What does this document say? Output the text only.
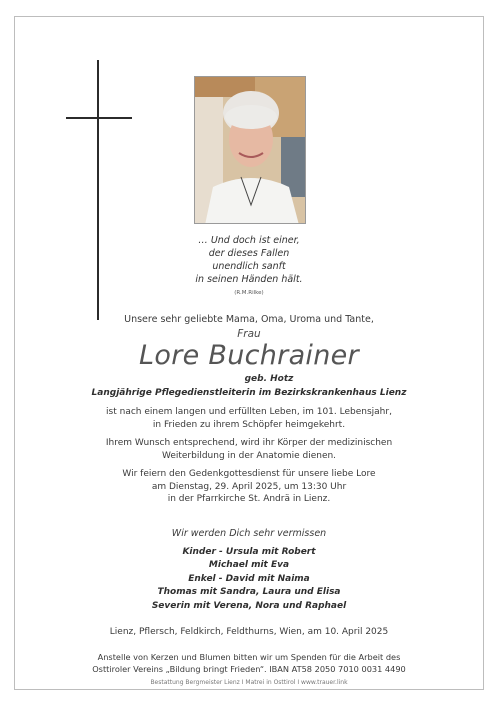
… Und doch ist einer,
der dieses Fallen
unendlich sanft
in seinen Händen hält.
(R.M.Rilke)
Unsere sehr geliebte Mama, Oma, Uroma und Tante,
Frau
Lore Buchrainer
geb. Hotz
Langjährige Pflegedienstleiterin im Bezirkskrankenhaus Lienz
ist nach einem langen und erfüllten Leben, im 101. Lebensjahr,
in Frieden zu ihrem Schöpfer heimgekehrt.
Ihrem Wunsch entsprechend, wird ihr Körper der medizinischen
Weiterbildung in der Anatomie dienen.
Wir feiern den Gedenkgottesdienst für unsere liebe Lore
am Dienstag, 29. April 2025, um 13:30 Uhr
in der Pfarrkirche St. Andrä in Lienz.
Wir werden Dich sehr vermissen
Kinder - Ursula mit Robert
Michael mit Eva
Enkel - David mit Naima
Thomas mit Sandra, Laura und Elisa
Severin mit Verena, Nora und Raphael
Lienz, Pflersch, Feldkirch, Feldthurns, Wien, am 10. April 2025
Anstelle von Kerzen und Blumen bitten wir um Spenden für die Arbeit des
Osttiroler Vereins „Bildung bringt Frieden“. IBAN AT58 2050 7010 0031 4490
Bestattung Bergmeister Lienz I Matrei in Osttirol I www.trauer.link
